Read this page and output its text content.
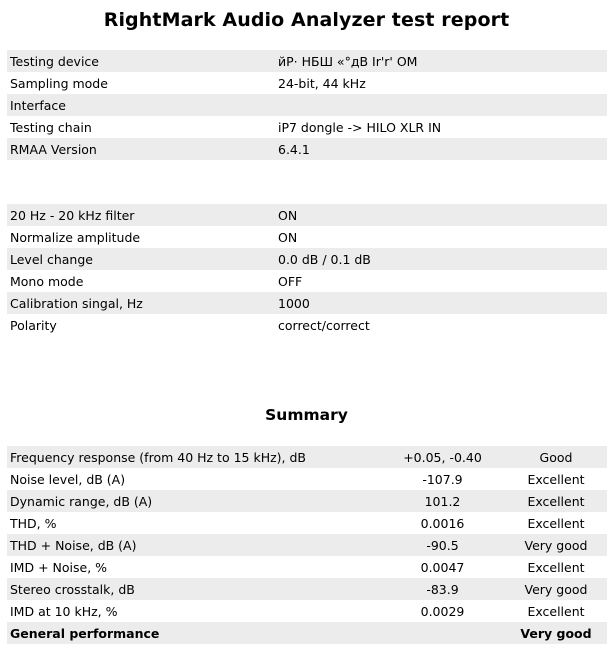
RightMark Audio Analyzer test report
Testing device	йР· НБШ «°дВ Ir'r' OM
Sampling mode	24-bit, 44 kHz
Interface	
Testing chain	iP7 dongle -> HILO XLR IN
RMAA Version	6.4.1
20 Hz - 20 kHz filter	ON
Normalize amplitude	ON
Level change	0.0 dB / 0.1 dB
Mono mode	OFF
Calibration singal, Hz	1000
Polarity	correct/correct
Summary
Frequency response (from 40 Hz to 15 kHz), dB	+0.05, -0.40	Good
Noise level, dB (A)	-107.9	Excellent
Dynamic range, dB (A)	101.2	Excellent
THD, %	0.0016	Excellent
THD + Noise, dB (A)	-90.5	Very good
IMD + Noise, %	0.0047	Excellent
Stereo crosstalk, dB	-83.9	Very good
IMD at 10 kHz, %	0.0029	Excellent
General performance		Very good
